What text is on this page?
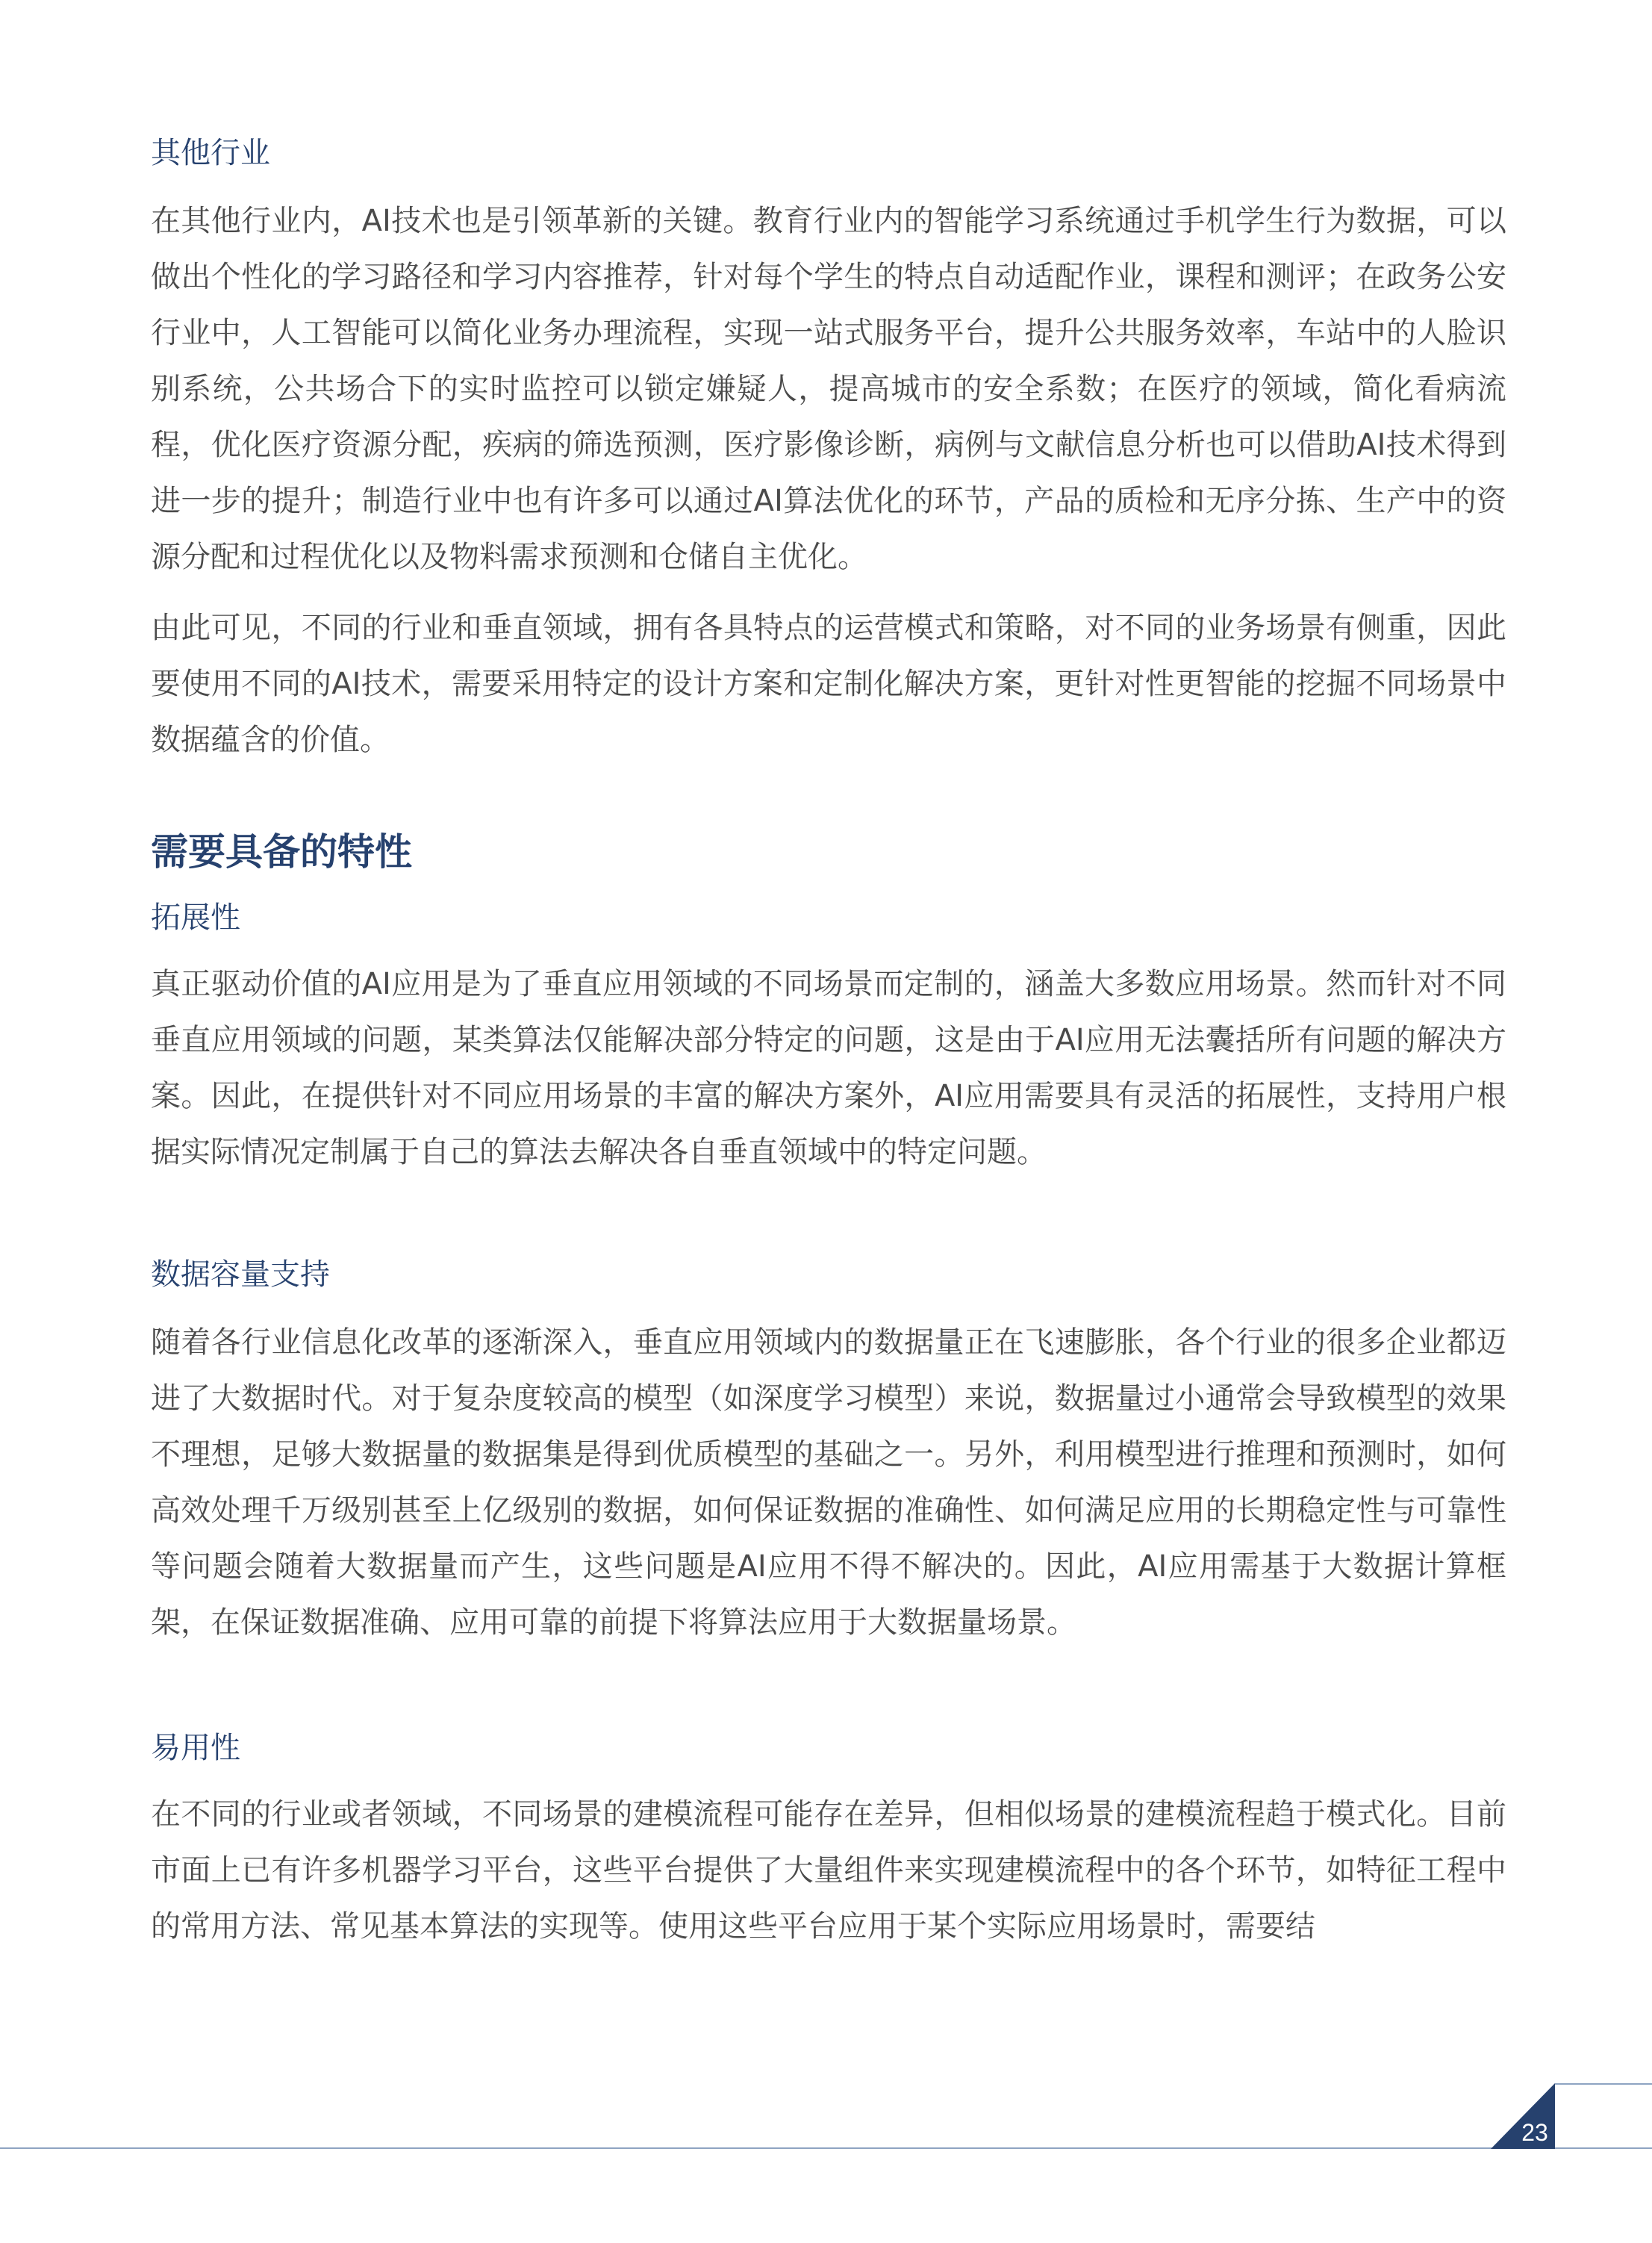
其他行业

在其他行业内，AI技术也是引领革新的关键。教育行业内的智能学习系统通过手机学生行为数据，可以做出个性化的学习路径和学习内容推荐，针对每个学生的特点自动适配作业，课程和测评；在政务公安行业中，人工智能可以简化业务办理流程，实现一站式服务平台，提升公共服务效率，车站中的人脸识别系统，公共场合下的实时监控可以锁定嫌疑人，提高城市的安全系数；在医疗的领域，简化看病流程，优化医疗资源分配，疾病的筛选预测，医疗影像诊断，病例与文献信息分析也可以借助AI技术得到进一步的提升；制造行业中也有许多可以通过AI算法优化的环节，产品的质检和无序分拣、生产中的资源分配和过程优化以及物料需求预测和仓储自主优化。

由此可见，不同的行业和垂直领域，拥有各具特点的运营模式和策略，对不同的业务场景有侧重，因此要使用不同的AI技术，需要采用特定的设计方案和定制化解决方案，更针对性更智能的挖掘不同场景中数据蕴含的价值。

需要具备的特性
拓展性

真正驱动价值的AI应用是为了垂直应用领域的不同场景而定制的，涵盖大多数应用场景。然而针对不同垂直应用领域的问题，某类算法仅能解决部分特定的问题，这是由于AI应用无法囊括所有问题的解决方案。因此，在提供针对不同应用场景的丰富的解决方案外，AI应用需要具有灵活的拓展性，支持用户根据实际情况定制属于自己的算法去解决各自垂直领域中的特定问题。

数据容量支持

随着各行业信息化改革的逐渐深入，垂直应用领域内的数据量正在飞速膨胀，各个行业的很多企业都迈进了大数据时代。对于复杂度较高的模型（如深度学习模型）来说，数据量过小通常会导致模型的效果不理想，足够大数据量的数据集是得到优质模型的基础之一。另外，利用模型进行推理和预测时，如何高效处理千万级别甚至上亿级别的数据，如何保证数据的准确性、如何满足应用的长期稳定性与可靠性等问题会随着大数据量而产生，这些问题是AI应用不得不解决的。因此，AI应用需基于大数据计算框架，在保证数据准确、应用可靠的前提下将算法应用于大数据量场景。

易用性

在不同的行业或者领域，不同场景的建模流程可能存在差异，但相似场景的建模流程趋于模式化。目前市面上已有许多机器学习平台，这些平台提供了大量组件来实现建模流程中的各个环节，如特征工程中的常用方法、常见基本算法的实现等。使用这些平台应用于某个实际应用场景时，需要结

23
